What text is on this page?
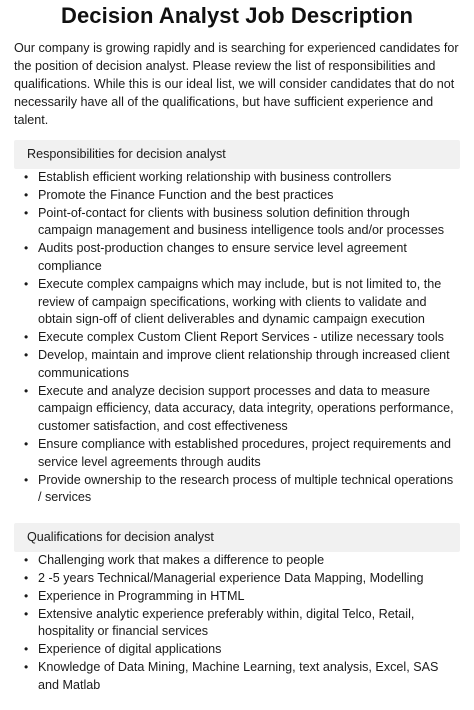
Decision Analyst Job Description

Our company is growing rapidly and is searching for experienced candidates for the position of decision analyst. Please review the list of responsibilities and qualifications. While this is our ideal list, we will consider candidates that do not necessarily have all of the qualifications, but have sufficient experience and talent.

Responsibilities for decision analyst
• Establish efficient working relationship with business controllers
• Promote the Finance Function and the best practices
• Point-of-contact for clients with business solution definition through campaign management and business intelligence tools and/or processes
• Audits post-production changes to ensure service level agreement compliance
• Execute complex campaigns which may include, but is not limited to, the review of campaign specifications, working with clients to validate and obtain sign-off of client deliverables and dynamic campaign execution
• Execute complex Custom Client Report Services - utilize necessary tools
• Develop, maintain and improve client relationship through increased client communications
• Execute and analyze decision support processes and data to measure campaign efficiency, data accuracy, data integrity, operations performance, customer satisfaction, and cost effectiveness
• Ensure compliance with established procedures, project requirements and service level agreements through audits
• Provide ownership to the research process of multiple technical operations / services
Qualifications for decision analyst
• Challenging work that makes a difference to people
• 2 -5 years Technical/Managerial experience Data Mapping, Modelling
• Experience in Programming in HTML
• Extensive analytic experience preferably within, digital Telco, Retail, hospitality or financial services
• Experience of digital applications
• Knowledge of Data Mining, Machine Learning, text analysis, Excel, SAS and Matlab
